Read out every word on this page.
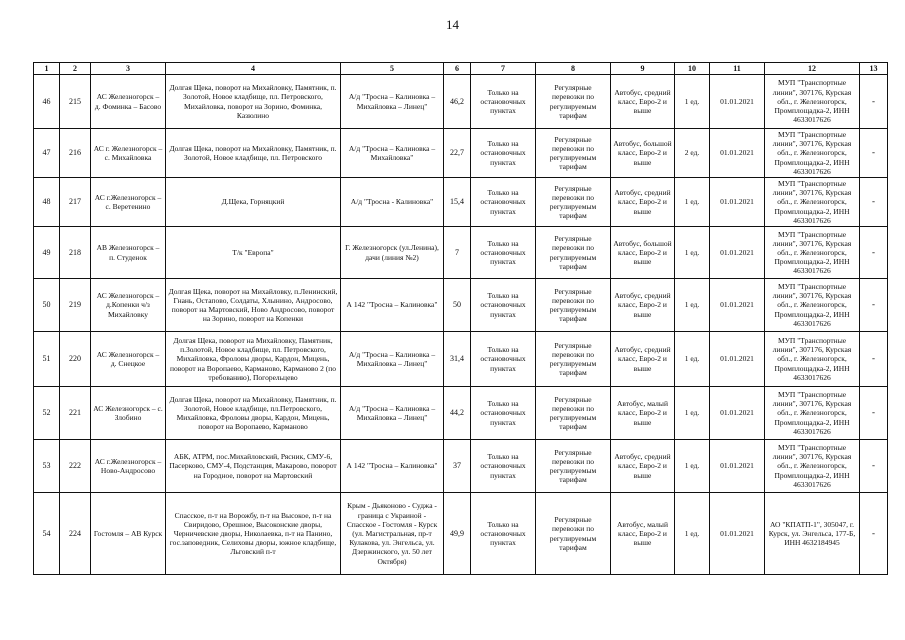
14
1	2	3	4	5	6	7	8	9	10	11	12	13
46	215	АС Железногорск – д. Фоминка – Басово	Долгая Щека, поворот на Михайловку, Памятник, п. Золотой, Новое кладбище, пл. Петровского, Михайловка, поворот на Зорино, Фоминка, Казюлино	А/д "Тросна – Калиновка – Михайловка – Линец"	46,2	Только на остановочных пунктах	Регулярные перевозки по регулируемым тарифам	Автобус, средний класс, Евро-2 и выше	1 ед.	01.01.2021	МУП "Транспортные линии", 307176, Курская обл., г. Железногорск, Промплощадка-2, ИНН 4633017626	-
47	216	АС г. Железногорск – с. Михайловка	Долгая Щека, поворот на Михайловку, Памятник, п. Золотой, Новое кладбище, пл. Петровского	А/д "Тросна – Калиновка – Михайловка"	22,7	Только на остановочных пунктах	Регулярные перевозки по регулируемым тарифам	Автобус, большой класс, Евро-2 и выше	2 ед.	01.01.2021	МУП "Транспортные линии", 307176, Курская обл., г. Железногорск, Промплощадка-2, ИНН 4633017626	-
48	217	АС г.Железногорск – с. Веретенино	Д.Щека, Горняцкий	А/д "Тросна - Калиновка"	15,4	Только на остановочных пунктах	Регулярные перевозки по регулируемым тарифам	Автобус, средний класс, Евро-2 и выше	1 ед.	01.01.2021	МУП "Транспортные линии", 307176, Курская обл., г. Железногорск, Промплощадка-2, ИНН 4633017626	-
49	218	АВ Железногорск – п. Студенок	Т/к "Европа"	Г. Железногорск (ул.Ленина), дачи (линия №2)	7	Только на остановочных пунктах	Регулярные перевозки по регулируемым тарифам	Автобус, большой класс, Евро-2 и выше	1 ед.	01.01.2021	МУП "Транспортные линии", 307176, Курская обл., г. Железногорск, Промплощадка-2, ИНН 4633017626	-
50	219	АС Железногорск – д.Копенки ч/з Михайловку	Долгая Щека, поворот на Михайловку, п.Ленинский, Гнань, Остапово, Солдаты, Хлынино, Андросово, поворот на Мартовский, Ново Андросово, поворот на Зорино, поворот на Копенки	А 142 "Тросна – Калиновка"	50	Только на остановочных пунктах	Регулярные перевозки по регулируемым тарифам	Автобус, средний класс, Евро-2 и выше	1 ед.	01.01.2021	МУП "Транспортные линии", 307176, Курская обл., г. Железногорск, Промплощадка-2, ИНН 4633017626	-
51	220	АС Железногорск – д. Снецкое	Долгая Щека, поворот на Михайловку, Памятник, п.Золотой, Новое кладбище, пл. Петровского, Михайловка, Фроловы дворы, Кардон, Мицень, поворот на Воропаево, Карманово, Карманово 2 (по требованию), Погорельцево	А/д "Тросна – Калиновка – Михайловка – Линец"	31,4	Только на остановочных пунктах	Регулярные перевозки по регулируемым тарифам	Автобус, средний класс, Евро-2 и выше	1 ед.	01.01.2021	МУП "Транспортные линии", 307176, Курская обл., г. Железногорск, Промплощадка-2, ИНН 4633017626	-
52	221	АС Железногорск – с. Злобино	Долгая Щека, поворот на Михайловку, Памятник, п. Золотой, Новое кладбище, пл.Петровского, Михайловка, Фроловы дворы, Кардон, Мицень, поворот на Воропаево, Карманово	А/д "Тросна – Калиновка – Михайловка – Линец"	44,2	Только на остановочных пунктах	Регулярные перевозки по регулируемым тарифам	Автобус, малый класс, Евро-2 и выше	1 ед.	01.01.2021	МУП "Транспортные линии", 307176, Курская обл., г. Железногорск, Промплощадка-2, ИНН 4633017626	-
53	222	АС г.Железногорск – Ново-Андросово	АБК, АТРМ, пос.Михайловский, Рясник, СМУ-6, Пасерково, СМУ-4, Подстанция, Макарово, поворот на Городное, поворот на Мартовский	А 142 "Тросна – Калиновка"	37	Только на остановочных пунктах	Регулярные перевозки по регулируемым тарифам	Автобус, средний класс, Евро-2 и выше	1 ед.	01.01.2021	МУП "Транспортные линии", 307176, Курская обл., г. Железногорск, Промплощадка-2, ИНН 4633017626	-
54	224	Гостомля – АВ Курск	Спасское, п-т на Ворожбу, п-т на Высокое, п-т на Свиридово, Орешное, Высоконские дворы, Черничевские дворы, Николаевка, п-т на Панино, гос.заповедник, Селиховы дворы, южное кладбище, Льговский п-т	Крым - Дьяконово - Суджа - граница с Украиной - Спасское - Гостомля - Курск (ул. Магистральная, пр-т Кулакова, ул. Энгельса, ул. Дзержинского, ул. 50 лет Октября)	49,9	Только на остановочных пунктах	Регулярные перевозки по регулируемым тарифам	Автобус, малый класс, Евро-2 и выше	1 ед.	01.01.2021	АО "КПАТП-1", 305047, г. Курск, ул. Энгельса, 177-Б, ИНН 4632184945	-
